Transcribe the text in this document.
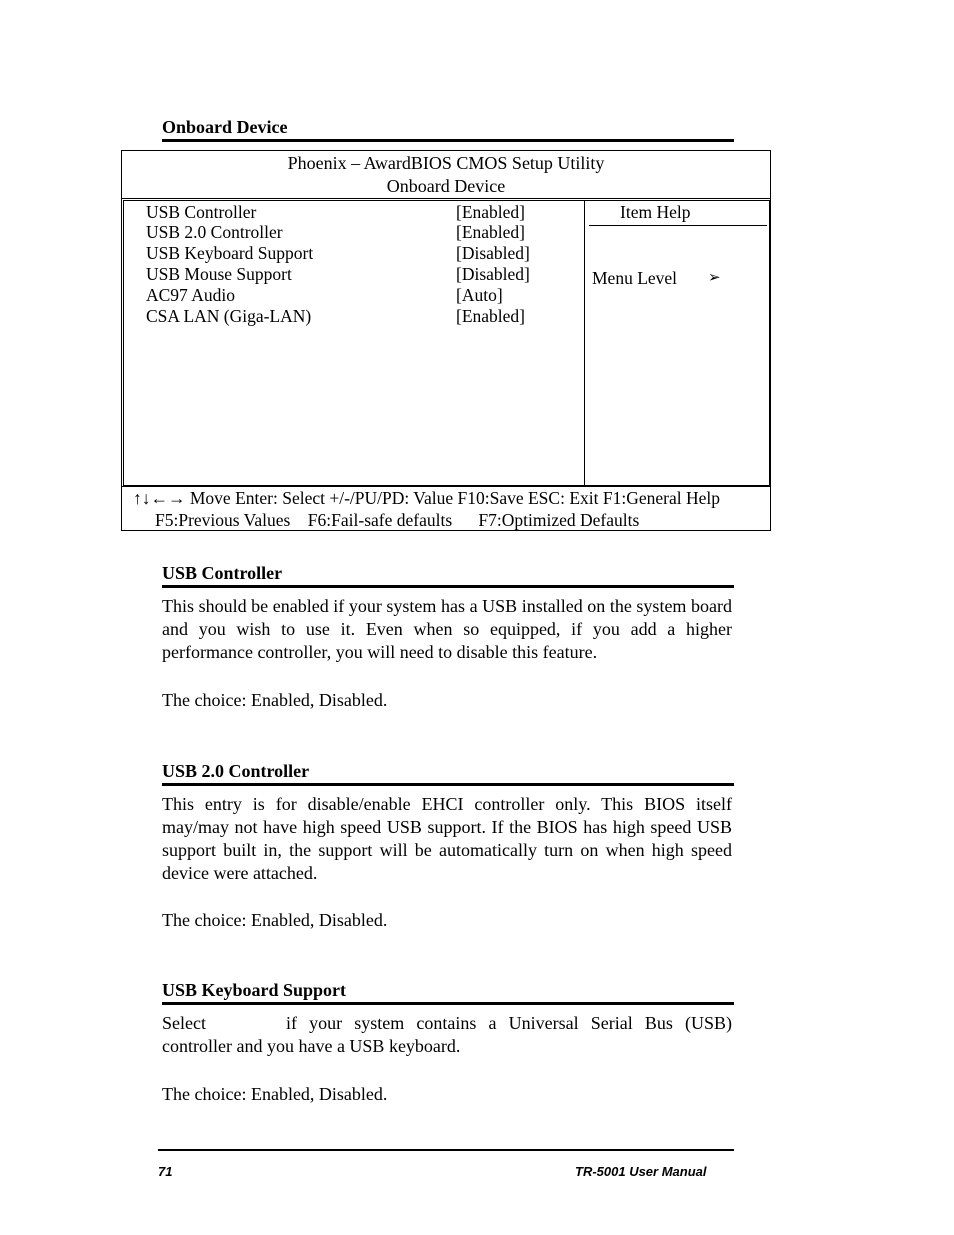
Onboard Device
Phoenix – AwardBIOS CMOS Setup Utility
Onboard Device
USB Controller	[Enabled]
USB 2.0 Controller	[Enabled]
USB Keyboard Support	[Disabled]
USB Mouse Support	[Disabled]
AC97 Audio	[Auto]
CSA LAN (Giga-LAN)	[Enabled]
Item Help
Menu Level ➢
↑↓←→ Move Enter: Select +/-/PU/PD: Value F10:Save ESC: Exit F1:General Help
F5:Previous Values    F6:Fail-safe defaults      F7:Optimized Defaults
USB Controller
This should be enabled if your system has a USB installed on the system board and you wish to use it. Even when so equipped, if you add a higher performance controller, you will need to disable this feature.
The choice: Enabled, Disabled.
USB 2.0 Controller
This entry is for disable/enable EHCI controller only. This BIOS itself may/may not have high speed USB support. If the BIOS has high speed USB support built in, the support will be automatically turn on when high speed device were attached.
The choice: Enabled, Disabled.
USB Keyboard Support
Select	if your system contains a Universal Serial Bus (USB) controller and you have a USB keyboard.
The choice: Enabled, Disabled.
71	TR-5001 User Manual
